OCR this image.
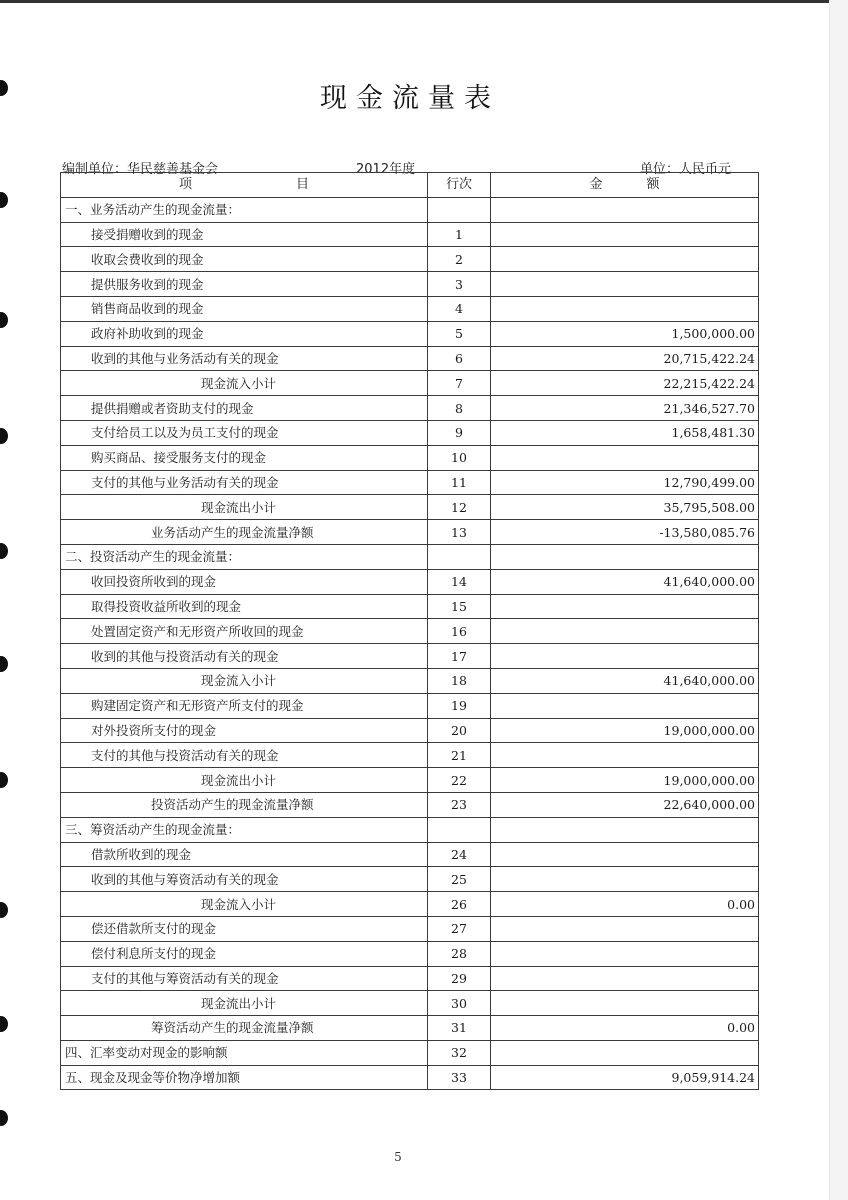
现金流量表
编制单位：华民慈善基金会	2012年度	单位：人民币元
项目	行次	金额
一、业务活动产生的现金流量：		
接受捐赠收到的现金	1	
收取会费收到的现金	2	
提供服务收到的现金	3	
销售商品收到的现金	4	
政府补助收到的现金	5	1,500,000.00
收到的其他与业务活动有关的现金	6	20,715,422.24
现金流入小计	7	22,215,422.24
提供捐赠或者资助支付的现金	8	21,346,527.70
支付给员工以及为员工支付的现金	9	1,658,481.30
购买商品、接受服务支付的现金	10	
支付的其他与业务活动有关的现金	11	12,790,499.00
现金流出小计	12	35,795,508.00
业务活动产生的现金流量净额	13	-13,580,085.76
二、投资活动产生的现金流量：		
收回投资所收到的现金	14	41,640,000.00
取得投资收益所收到的现金	15	
处置固定资产和无形资产所收回的现金	16	
收到的其他与投资活动有关的现金	17	
现金流入小计	18	41,640,000.00
购建固定资产和无形资产所支付的现金	19	
对外投资所支付的现金	20	19,000,000.00
支付的其他与投资活动有关的现金	21	
现金流出小计	22	19,000,000.00
投资活动产生的现金流量净额	23	22,640,000.00
三、筹资活动产生的现金流量：		
借款所收到的现金	24	
收到的其他与筹资活动有关的现金	25	
现金流入小计	26	0.00
偿还借款所支付的现金	27	
偿付利息所支付的现金	28	
支付的其他与筹资活动有关的现金	29	
现金流出小计	30	
筹资活动产生的现金流量净额	31	0.00
四、汇率变动对现金的影响额	32	
五、现金及现金等价物净增加额	33	9,059,914.24
5
